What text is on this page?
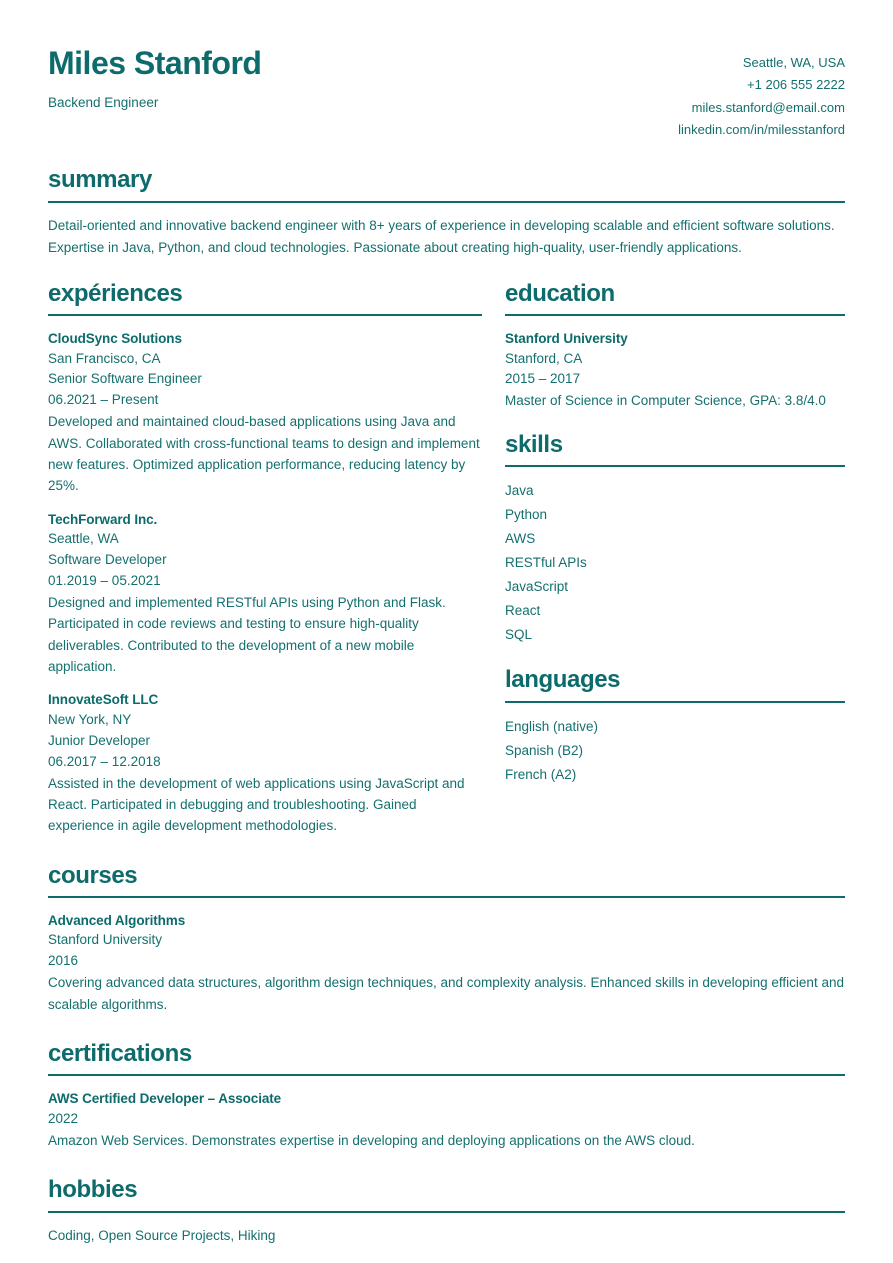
Miles Stanford
Backend Engineer
Seattle, WA, USA
+1 206 555 2222
miles.stanford@email.com
linkedin.com/in/milesstanford
summary
Detail-oriented and innovative backend engineer with 8+ years of experience in developing scalable and efficient software solutions. Expertise in Java, Python, and cloud technologies. Passionate about creating high-quality, user-friendly applications.
expériences
CloudSync Solutions
San Francisco, CA
Senior Software Engineer
06.2021 – Present
Developed and maintained cloud-based applications using Java and AWS. Collaborated with cross-functional teams to design and implement new features. Optimized application performance, reducing latency by 25%.
TechForward Inc.
Seattle, WA
Software Developer
01.2019 – 05.2021
Designed and implemented RESTful APIs using Python and Flask. Participated in code reviews and testing to ensure high-quality deliverables. Contributed to the development of a new mobile application.
InnovateSoft LLC
New York, NY
Junior Developer
06.2017 – 12.2018
Assisted in the development of web applications using JavaScript and React. Participated in debugging and troubleshooting. Gained experience in agile development methodologies.
education
Stanford University
Stanford, CA
2015 – 2017
Master of Science in Computer Science, GPA: 3.8/4.0
skills
Java
Python
AWS
RESTful APIs
JavaScript
React
SQL
languages
English (native)
Spanish (B2)
French (A2)
courses
Advanced Algorithms
Stanford University
2016
Covering advanced data structures, algorithm design techniques, and complexity analysis. Enhanced skills in developing efficient and scalable algorithms.
certifications
AWS Certified Developer – Associate
2022
Amazon Web Services. Demonstrates expertise in developing and deploying applications on the AWS cloud.
hobbies
Coding, Open Source Projects, Hiking
